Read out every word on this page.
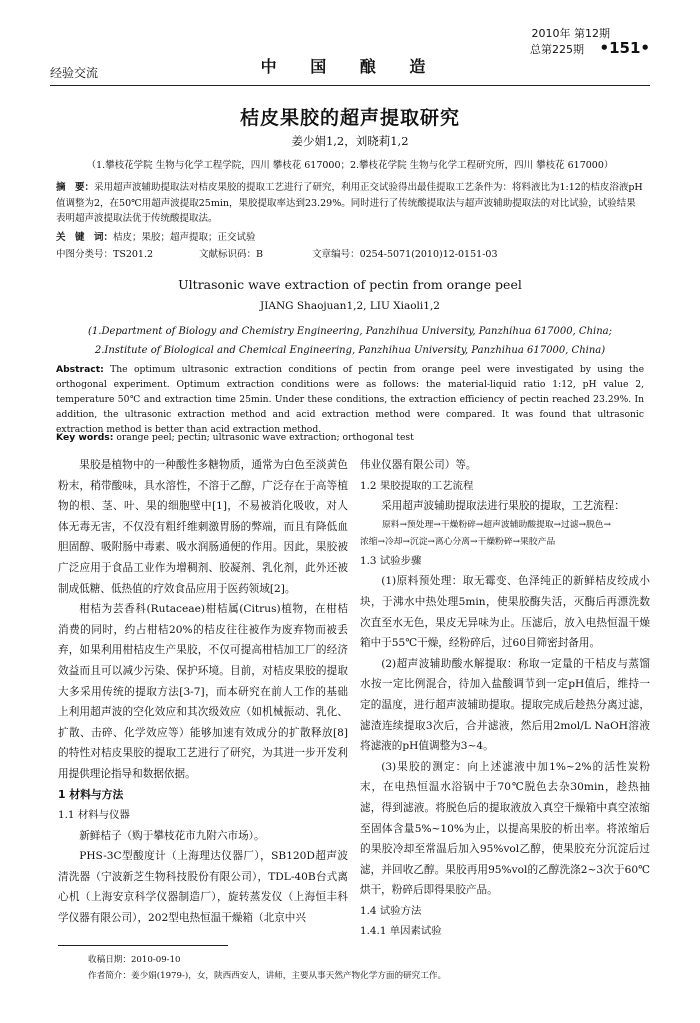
经验交流	中 国 酿 造
2010年 第12期
总第225期 •151•
桔皮果胶的超声提取研究
姜少娟1,2，刘晓莉1,2
（1.攀枝花学院 生物与化学工程学院，四川 攀枝花 617000；2.攀枝花学院 生物与化学工程研究所，四川 攀枝花 617000）
摘　要：采用超声波辅助提取法对桔皮果胶的提取工艺进行了研究，利用正交试验得出最佳提取工艺条件为：将料液比为1:12的桔皮浴液pH值调整为2，在50℃用超声波提取25min，果胶提取率达到23.29%。同时进行了传统酸提取法与超声波辅助提取法的对比试验，试验结果表明超声波提取法优于传统酸提取法。
关　键　词：桔皮；果胶；超声提取；正交试验
中图分类号：TS201.2	文献标识码：B	文章编号：0254-5071(2010)12-0151-03
Ultrasonic wave extraction of pectin from orange peel
JIANG Shaojuan1,2, LIU Xiaoli1,2
(1.Department of Biology and Chemistry Engineering, Panzhihua University, Panzhihua 617000, China;
2.Institute of Biological and Chemical Engineering, Panzhihua University, Panzhihua 617000, China)
Abstract: The optimum ultrasonic extraction conditions of pectin from orange peel were investigated by using the orthogonal experiment. Optimum extraction conditions were as follows: the material-liquid ratio 1:12, pH value 2, temperature 50℃ and extraction time 25min. Under these conditions, the extraction efficiency of pectin reached 23.29%. In addition, the ultrasonic extraction method and acid extraction method were compared. It was found that ultrasonic extraction method is better than acid extraction method.
Key words: orange peel; pectin; ultrasonic wave extraction; orthogonal test

果胶是植物中的一种酸性多糖物质，通常为白色至淡黄色粉末，稍带酸味，具水溶性，不溶于乙醇，广泛存在于高等植物的根、茎、叶、果的细胞壁中[1]，不易被消化吸收，对人体无毒无害，不仅没有粗纤维刺激胃肠的弊端，而且有降低血胆固醇、吸附肠中毒素、吸水润肠通便的作用。因此，果胶被广泛应用于食品工业作为增稠剂、胶凝剂、乳化剂，此外还被制成低糖、低热值的疗效食品应用于医药领域[2]。

柑桔为芸香科(Rutaceae)柑桔属(Citrus)植物，在柑桔消费的同时，约占柑桔20%的桔皮往往被作为废弃物而被丢弃，如果利用柑桔皮生产果胶，不仅可提高柑桔加工厂的经济效益而且可以减少污染、保护环境。目前，对桔皮果胶的提取大多采用传统的提取方法[3-7]，而本研究在前人工作的基础上利用超声波的空化效应和其次级效应（如机械振动、乳化、扩散、击碎、化学效应等）能够加速有效成分的扩散释放[8]的特性对桔皮果胶的提取工艺进行了研究，为其进一步开发利用提供理论指导和数据依据。

1 材料与方法
1.1 材料与仪器

新鲜桔子（购于攀枝花市九附六市场）。

PHS-3C型酸度计（上海理达仪器厂），SB120D超声波清洗器（宁波新芝生物科技股份有限公司），TDL-40B台式离心机（上海安京科学仪器制造厂），旋转蒸发仪（上海恒丰科学仪器有限公司），202型电热恒温干燥箱（北京中兴

伟业仪器有限公司）等。

1.2 果胶提取的工艺流程

采用超声波辅助提取法进行果胶的提取，工艺流程：

原料→预处理→干燥粉碎→超声波辅助酸提取→过滤→脱色→
浓缩→冷却→沉淀→离心分离→干燥粉碎→果胶产品
1.3 试验步骤

(1)原料预处理：取无霉变、色泽纯正的新鲜桔皮绞成小块，于沸水中热处理5min，使果胶酶失活，灭酶后再漂洗数次直至水无色，果皮无异味为止。压滤后，放入电热恒温干燥箱中于55℃干燥，经粉碎后，过60目筛密封备用。

(2)超声波辅助酸水解提取：称取一定量的干桔皮与蒸馏水按一定比例混合，待加入盐酸调节到一定pH值后，维持一定的温度，进行超声波辅助提取。提取完成后趁热分离过滤，滤渣连续提取3次后，合并滤液，然后用2mol/L NaOH溶液将滤液的pH值调整为3~4。

(3)果胶的测定：向上述滤液中加1%~2%的活性炭粉末，在电热恒温水浴锅中于70℃脱色去杂30min，趁热抽滤，得到滤液。将脱色后的提取液放入真空干燥箱中真空浓缩至固体含量5%~10%为止，以提高果胶的析出率。将浓缩后的果胶冷却至常温后加入95%vol乙醇，使果胶充分沉淀后过滤，并回收乙醇。果胶再用95%vol的乙醇洗涤2~3次于60℃烘干，粉碎后即得果胶产品。

1.4 试验方法
1.4.1 单因素试验
收稿日期：2010-09-10
作者简介：姜少娟(1979-)，女，陕西西安人，讲师，主要从事天然产物化学方面的研究工作。
